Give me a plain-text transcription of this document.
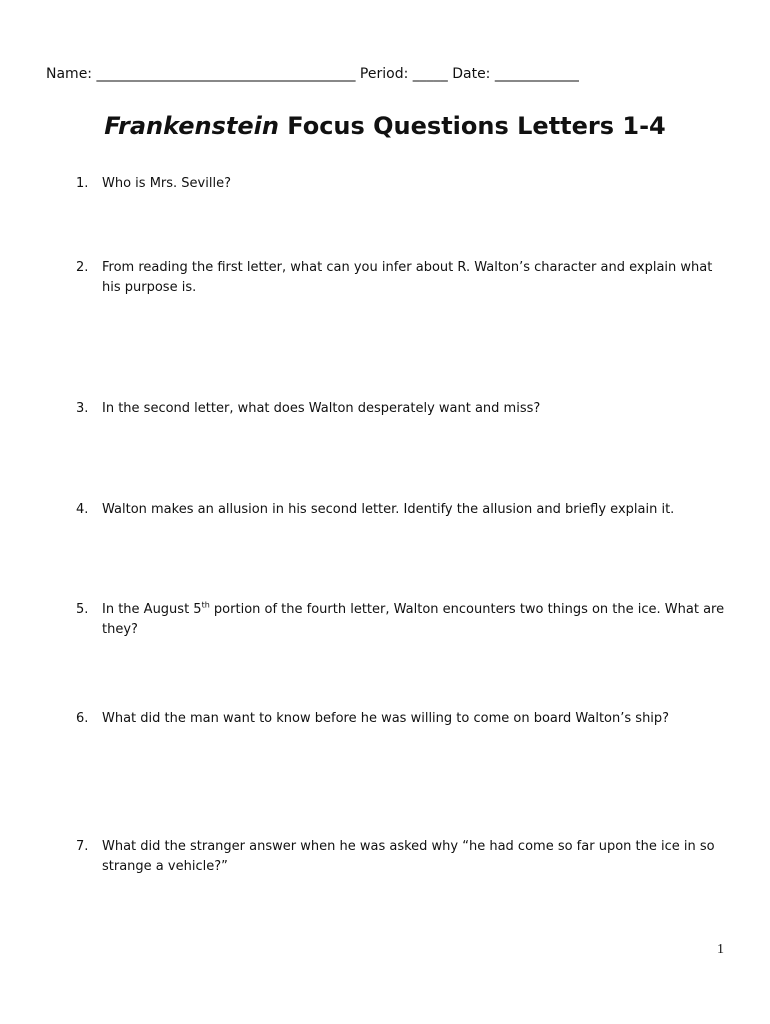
Name: _____________________________________ Period: _____ Date: ____________
Frankenstein Focus Questions Letters 1-4
1.	Who is Mrs. Seville?
2.	From reading the first letter, what can you infer about R. Walton’s character and explain what his purpose is.
3.	In the second letter, what does Walton desperately want and miss?
4.	Walton makes an allusion in his second letter. Identify the allusion and briefly explain it.
5.	In the August 5th portion of the fourth letter, Walton encounters two things on the ice. What are they?
6.	What did the man want to know before he was willing to come on board Walton’s ship?
7.	What did the stranger answer when he was asked why “he had come so far upon the ice in so strange a vehicle?”
1
